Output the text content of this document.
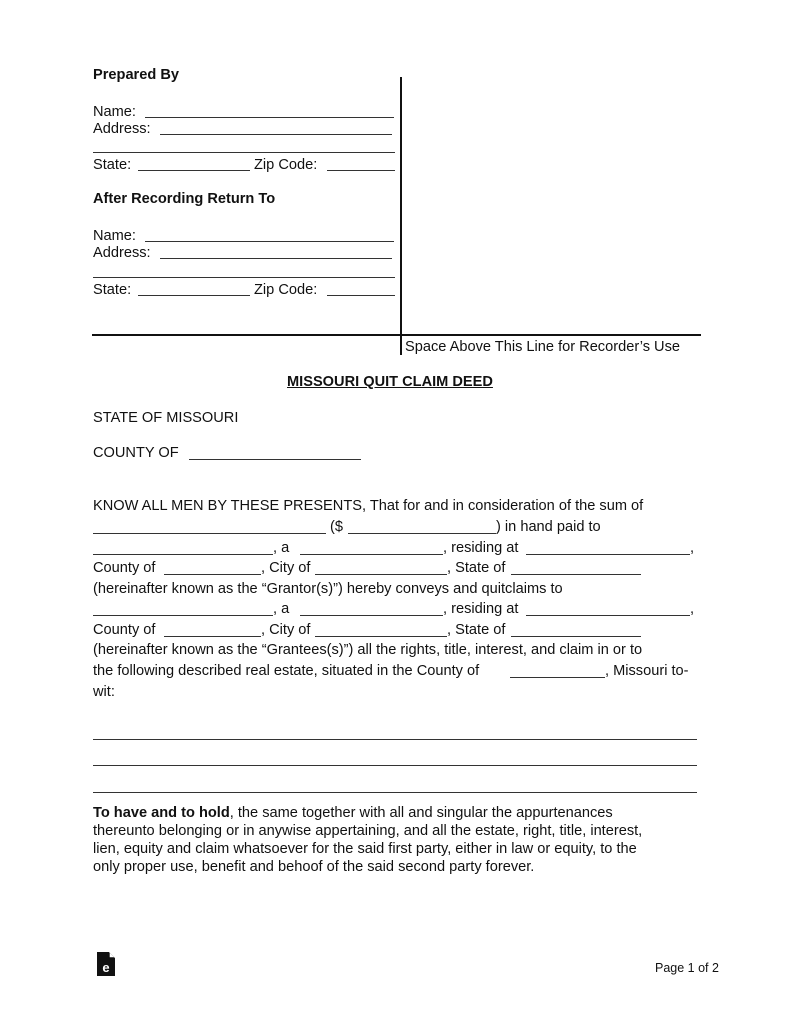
Prepared By
Name:
Address:
State:	Zip Code:
After Recording Return To
Name:
Address:
State:	Zip Code:
Space Above This Line for Recorder’s Use
MISSOURI QUIT CLAIM DEED
STATE OF MISSOURI
COUNTY OF
KNOW ALL MEN BY THESE PRESENTS, That for and in consideration of the sum of
($	) in hand paid to
, a	, residing at	,
County of	, City of	, State of
(hereinafter known as the “Grantor(s)”) hereby conveys and quitclaims to
, a	, residing at	,
County of	, City of	, State of
(hereinafter known as the “Grantees(s)”) all the rights, title, interest, and claim in or to
the following described real estate, situated in the County of	, Missouri to-
wit:
To have and to hold, the same together with all and singular the appurtenances
thereunto belonging or in anywise appertaining, and all the estate, right, title, interest,
lien, equity and claim whatsoever for the said first party, either in law or equity, to the
only proper use, benefit and behoof of the said second party forever.
e	Page 1 of 2
